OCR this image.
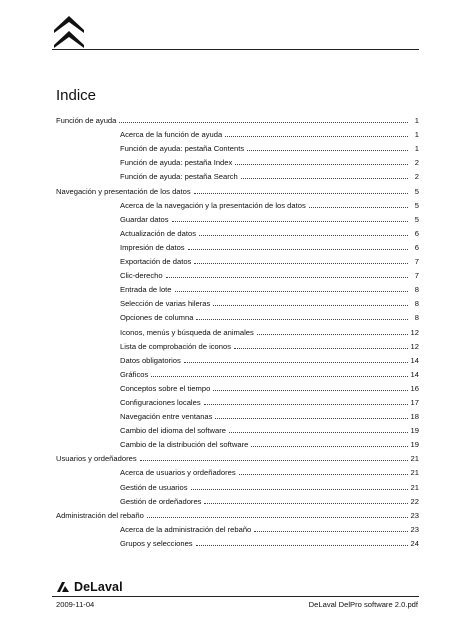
Indice
Función de ayuda	1
Acerca de la función de ayuda	1
Función de ayuda: pestaña Contents	1
Función de ayuda: pestaña Index	2
Función de ayuda: pestaña Search	2
Navegación y presentación de los datos	5
Acerca de la navegación y la presentación de los datos	5
Guardar datos	5
Actualización de datos	6
Impresión de datos	6
Exportación de datos	7
Clic-derecho	7
Entrada de lote	8
Selección de varias hileras	8
Opciones de columna	8
Iconos, menús y búsqueda de animales	12
Lista de comprobación de iconos	12
Datos obligatorios	14
Gráficos	14
Conceptos sobre el tiempo	16
Configuraciones locales	17
Navegación entre ventanas	18
Cambio del idioma del software	19
Cambio de la distribución del software	19
Usuarios y ordeñadores	21
Acerca de usuarios y ordeñadores	21
Gestión de usuarios	21
Gestión de ordeñadores	22
Administración del rebaño	23
Acerca de la administración del rebaño	23
Grupos y selecciones	24
DeLaval
2009-11-04	DeLaval DelPro software 2.0.pdf
